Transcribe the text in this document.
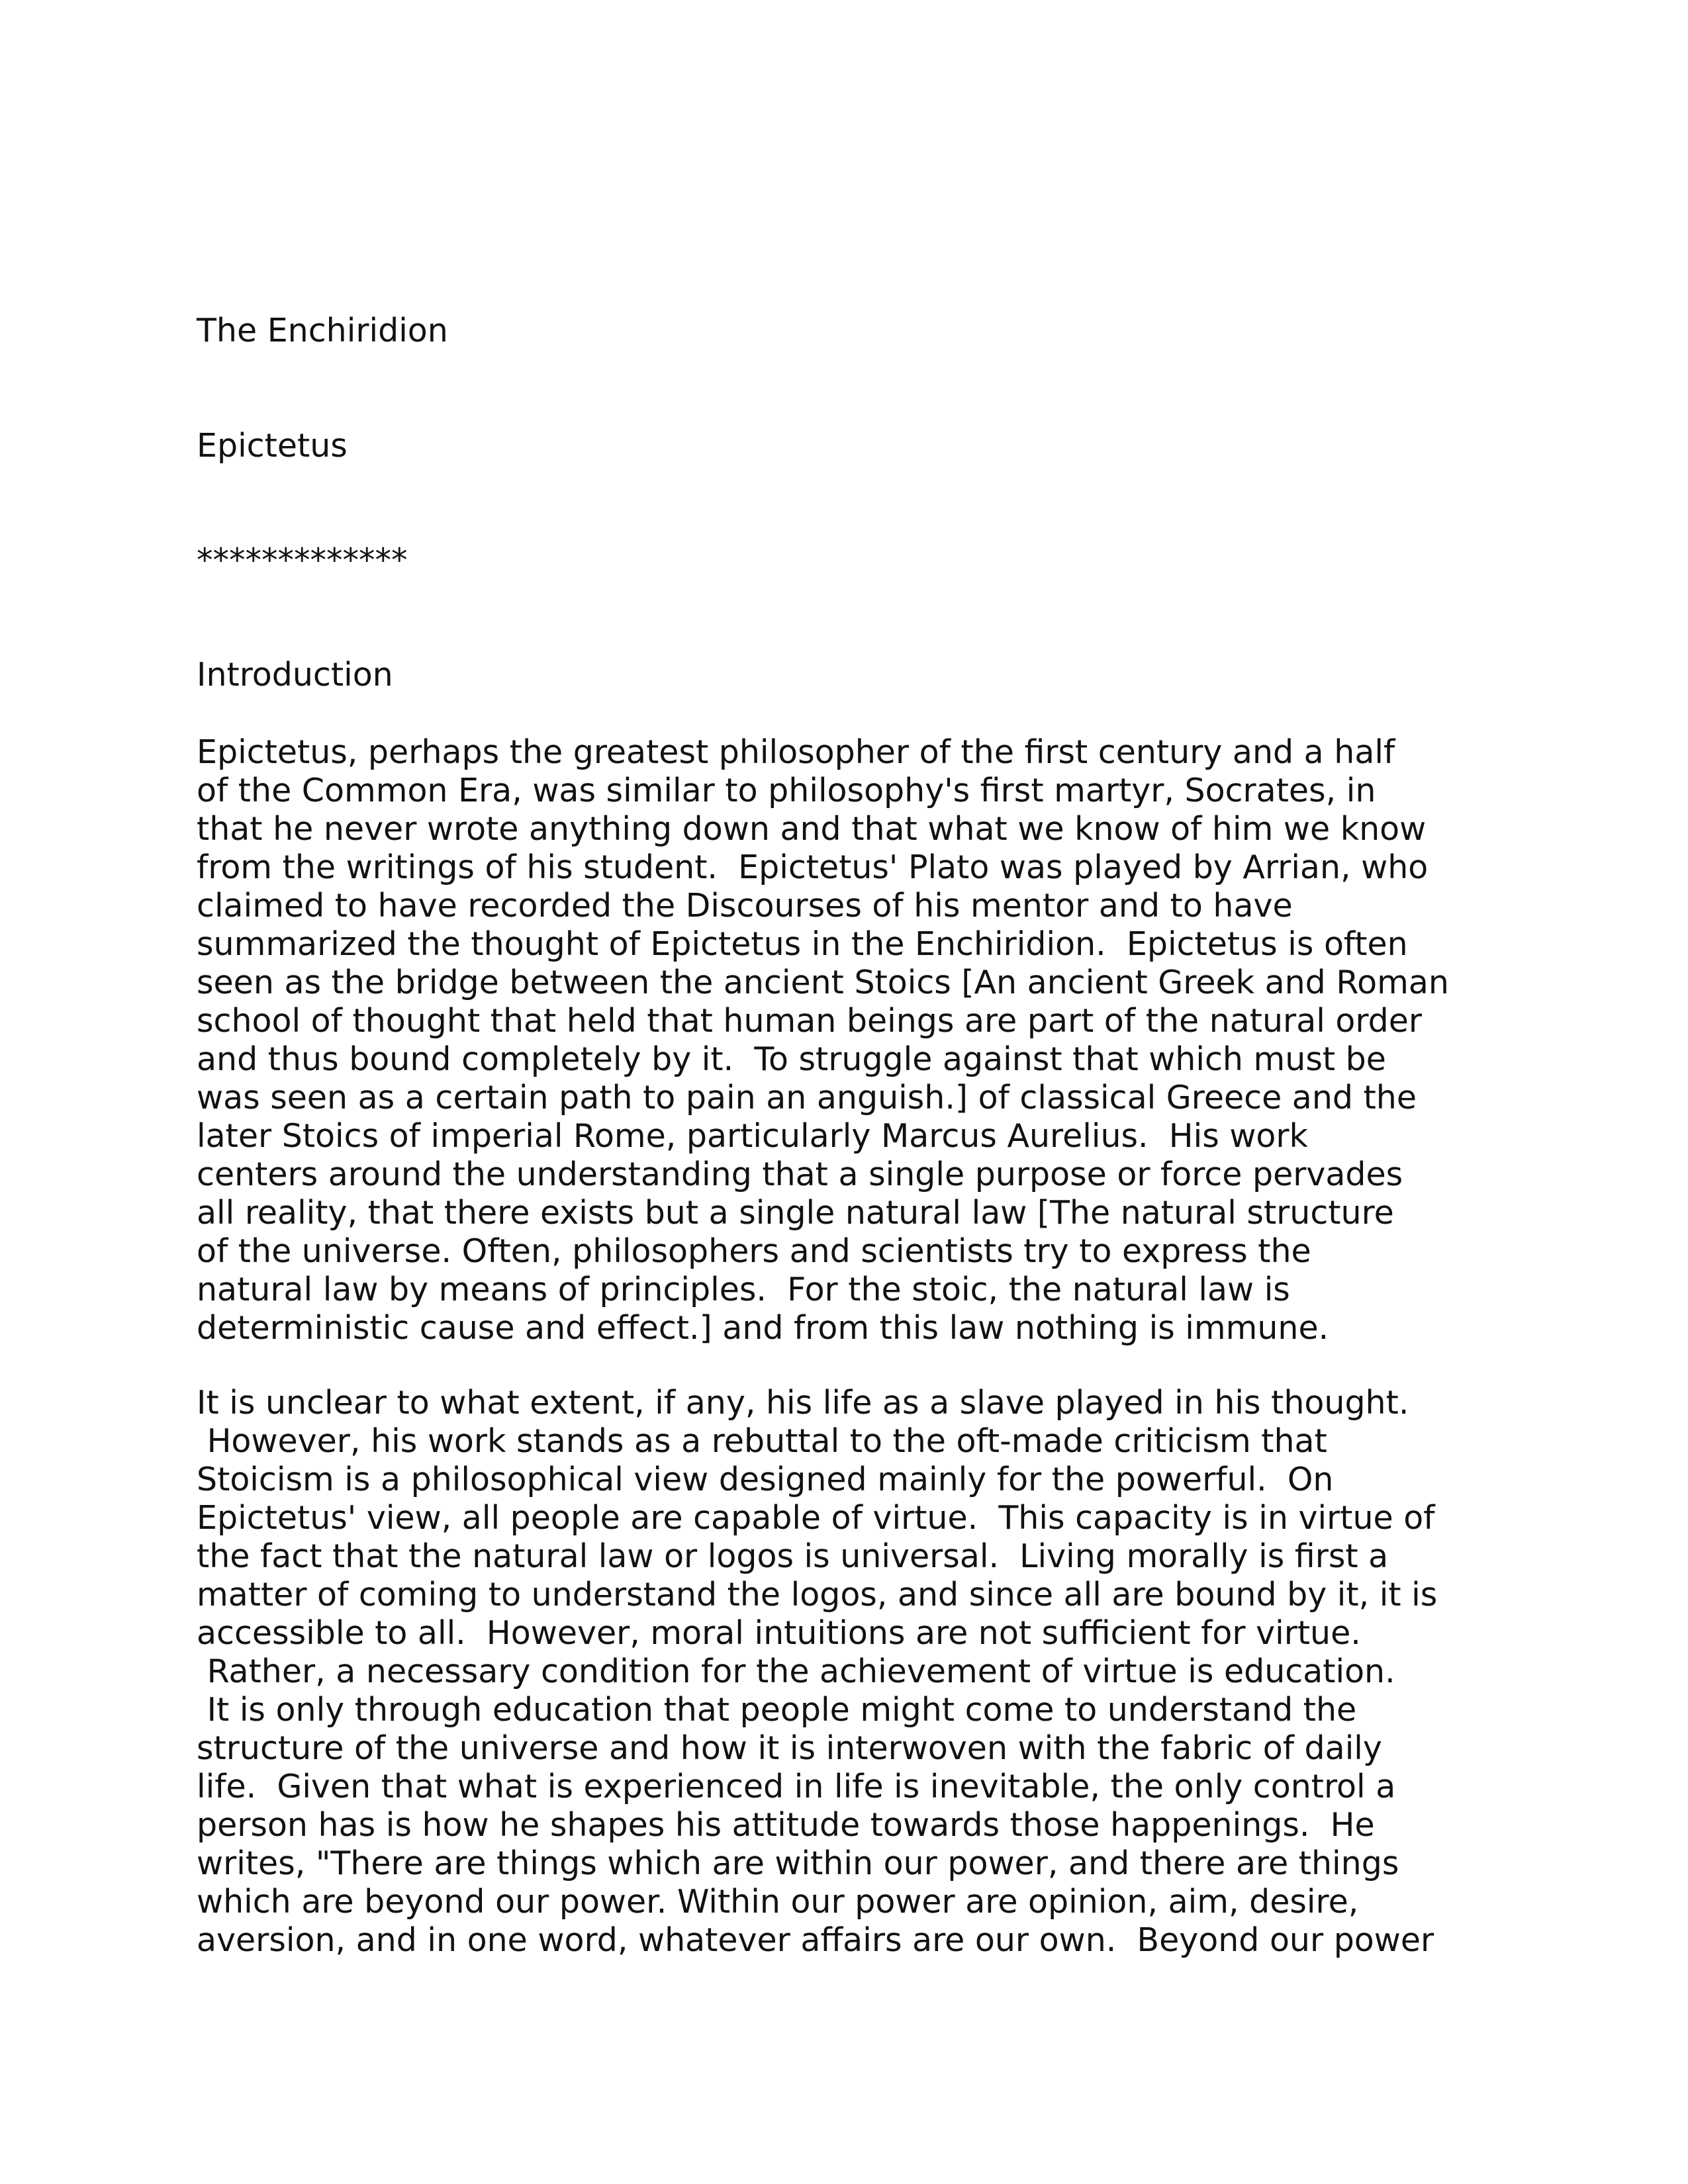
The Enchiridion

Epictetus

*************

Introduction

Epictetus, perhaps the greatest philosopher of the first century and a half

of the Common Era, was similar to philosophy's first martyr, Socrates, in

that he never wrote anything down and that what we know of him we know

from the writings of his student.  Epictetus' Plato was played by Arrian, who

claimed to have recorded the Discourses of his mentor and to have

summarized the thought of Epictetus in the Enchiridion.  Epictetus is often

seen as the bridge between the ancient Stoics [An ancient Greek and Roman

school of thought that held that human beings are part of the natural order

and thus bound completely by it.  To struggle against that which must be

was seen as a certain path to pain an anguish.] of classical Greece and the

later Stoics of imperial Rome, particularly Marcus Aurelius.  His work

centers around the understanding that a single purpose or force pervades

all reality, that there exists but a single natural law [The natural structure

of the universe. Often, philosophers and scientists try to express the

natural law by means of principles.  For the stoic, the natural law is

deterministic cause and effect.] and from this law nothing is immune.

It is unclear to what extent, if any, his life as a slave played in his thought.

However, his work stands as a rebuttal to the oft-made criticism that

Stoicism is a philosophical view designed mainly for the powerful.  On

Epictetus' view, all people are capable of virtue.  This capacity is in virtue of

the fact that the natural law or logos is universal.  Living morally is first a

matter of coming to understand the logos, and since all are bound by it, it is

accessible to all.  However, moral intuitions are not sufficient for virtue.

Rather, a necessary condition for the achievement of virtue is education.

It is only through education that people might come to understand the

structure of the universe and how it is interwoven with the fabric of daily

life.  Given that what is experienced in life is inevitable, the only control a

person has is how he shapes his attitude towards those happenings.  He

writes, "There are things which are within our power, and there are things

which are beyond our power. Within our power are opinion, aim, desire,

aversion, and in one word, whatever affairs are our own.  Beyond our power
